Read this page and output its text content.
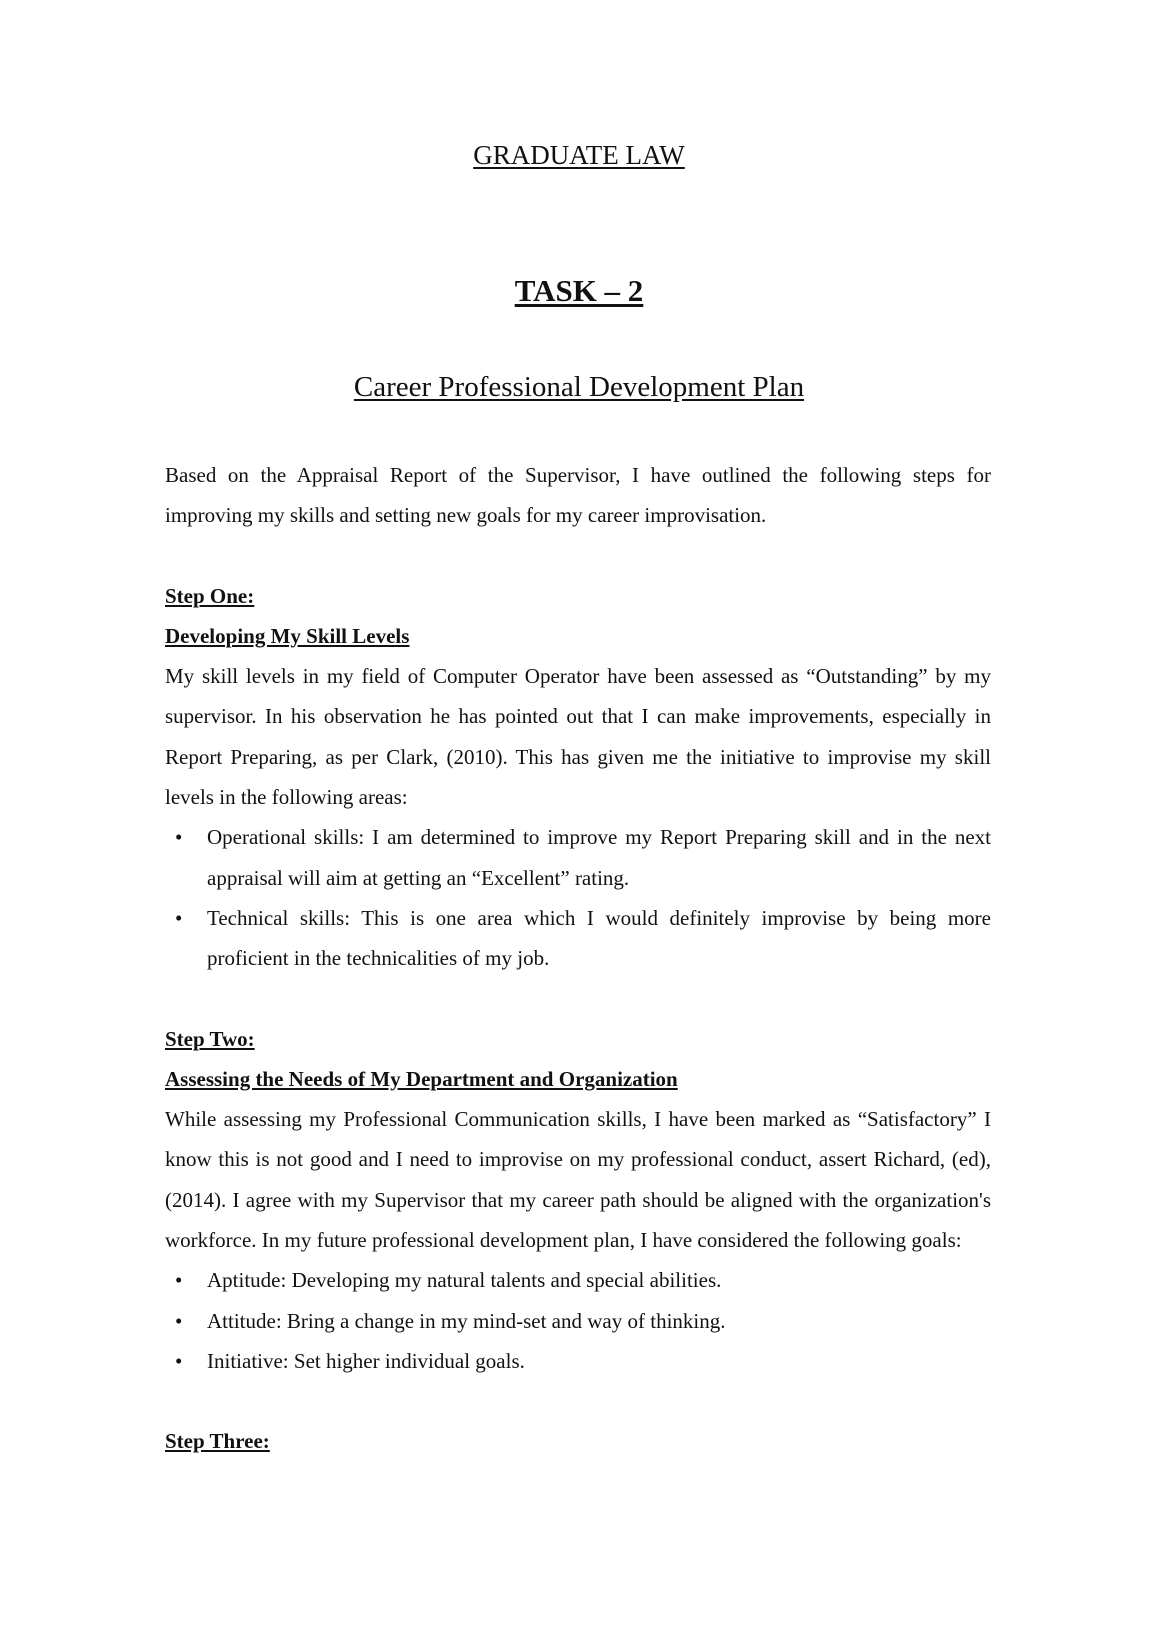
GRADUATE LAW
TASK – 2
Career Professional Development Plan

Based on the Appraisal Report of the Supervisor, I have outlined the following steps for improving my skills and setting new goals for my career improvisation.

Step One:

Developing My Skill Levels

My skill levels in my field of Computer Operator have been assessed as “Outstanding” by my supervisor. In his observation he has pointed out that I can make improvements, especially in Report Preparing, as per Clark, (2010). This has given me the initiative to improvise my skill levels in the following areas:

• Operational skills: I am determined to improve my Report Preparing skill and in the next appraisal will aim at getting an “Excellent” rating.
• Technical skills: This is one area which I would definitely improvise by being more proficient in the technicalities of my job.

Step Two:

Assessing the Needs of My Department and Organization

While assessing my Professional Communication skills, I have been marked as “Satisfactory” I know this is not good and I need to improvise on my professional conduct, assert Richard, (ed), (2014). I agree with my Supervisor that my career path should be aligned with the organization's workforce. In my future professional development plan, I have considered the following goals:

• Aptitude: Developing my natural talents and special abilities.
• Attitude: Bring a change in my mind-set and way of thinking.
• Initiative: Set higher individual goals.

Step Three:
